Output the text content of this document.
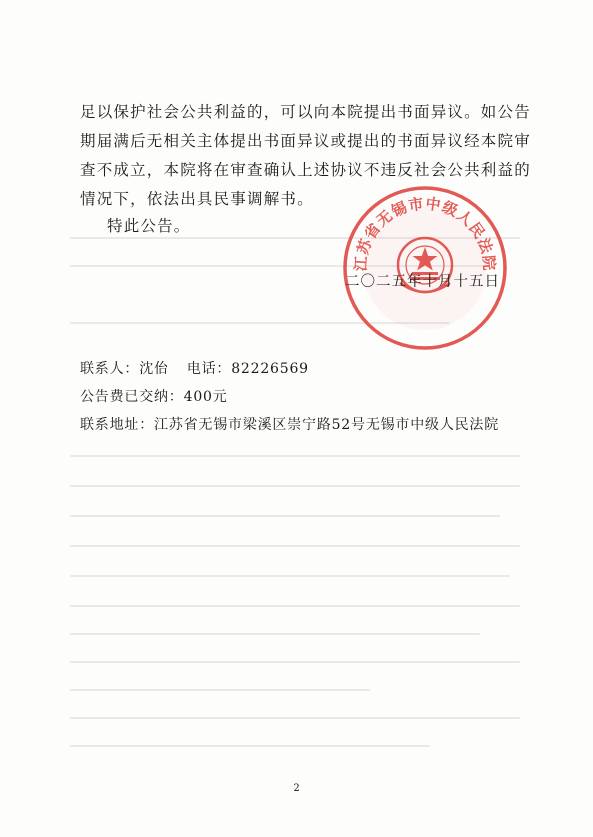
足以保护社会公共利益的，可以向本院提出书面异议。如公告
期届满后无相关主体提出书面异议或提出的书面异议经本院审
查不成立，本院将在审查确认上述协议不违反社会公共利益的
情况下，依法出具民事调解书。

特此公告。

江苏省无锡市中级人民法院

二〇二五年十月十五日

联系人：沈佁 电话：82226569

公告费已交纳：400元

联系地址：江苏省无锡市梁溪区崇宁路52号无锡市中级人民法院

2
